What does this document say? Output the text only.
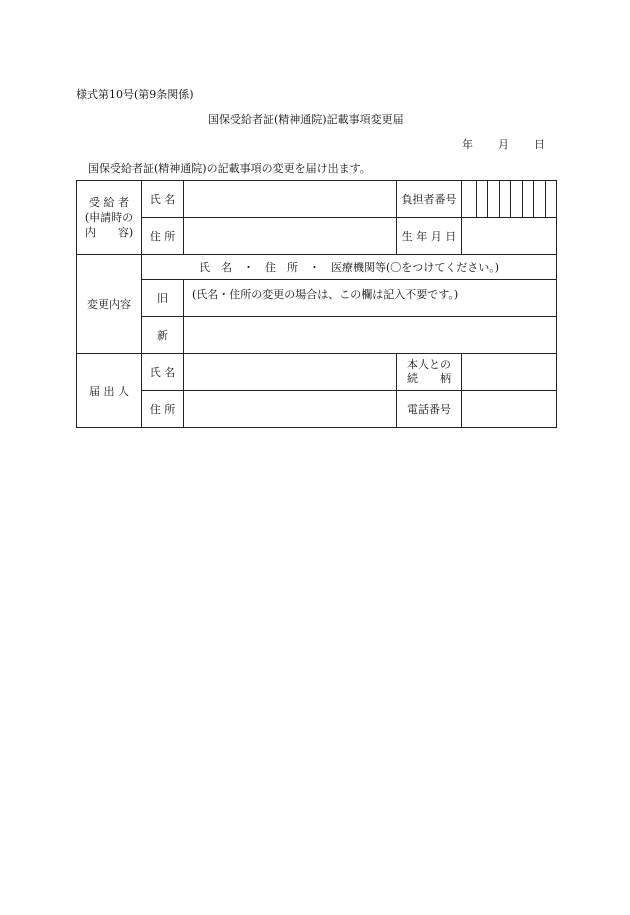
様式第10号(第9条関係)
国保受給者証(精神通院)記載事項変更届
年 月 日
国保受給者証(精神通院)の記載事項の変更を届け出ます。
受 給 者
(申請時の
内　　容)	氏 名		負担者番号	

	住 所		生 年 月 日	

変更内容	氏　名　・　住　所　・　医療機関等(〇をつけてください。)			
	旧	(氏名・住所の変更の場合は、この欄は記入不要です。)		

	新			

届 出 人	氏 名		本人との
続　　柄	

	住 所		電話番号	
